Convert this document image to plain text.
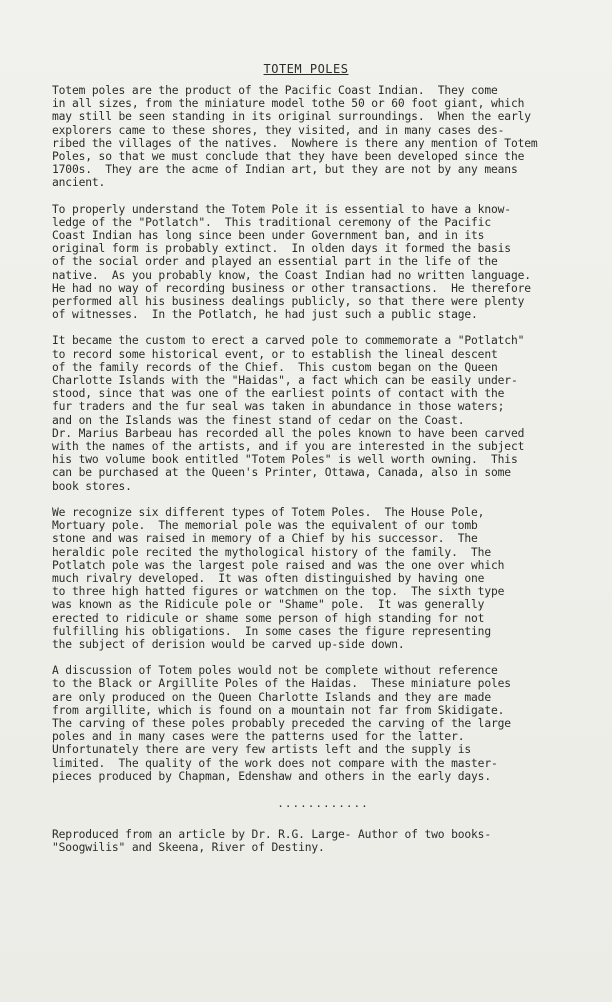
TOTEM POLES
Totem poles are the product of the Pacific Coast Indian.  They come
in all sizes, from the miniature model tothe 50 or 60 foot giant, which
may still be seen standing in its original surroundings.  When the early
explorers came to these shores, they visited, and in many cases des-
ribed the villages of the natives.  Nowhere is there any mention of Totem
Poles, so that we must conclude that they have been developed since the
1700s.  They are the acme of Indian art, but they are not by any means
ancient.
To properly understand the Totem Pole it is essential to have a know-
ledge of the "Potlatch".  This traditional ceremony of the Pacific
Coast Indian has long since been under Government ban, and in its
original form is probably extinct.  In olden days it formed the basis
of the social order and played an essential part in the life of the
native.  As you probably know, the Coast Indian had no written language.
He had no way of recording business or other transactions.  He therefore
performed all his business dealings publicly, so that there were plenty
of witnesses.  In the Potlatch, he had just such a public stage.
It became the custom to erect a carved pole to commemorate a "Potlatch"
to record some historical event, or to establish the lineal descent
of the family records of the Chief.  This custom began on the Queen
Charlotte Islands with the "Haidas", a fact which can be easily under-
stood, since that was one of the earliest points of contact with the
fur traders and the fur seal was taken in abundance in those waters;
and on the Islands was the finest stand of cedar on the Coast.
Dr. Marius Barbeau has recorded all the poles known to have been carved
with the names of the artists, and if you are interested in the subject
his two volume book entitled "Totem Poles" is well worth owning.  This
can be purchased at the Queen's Printer, Ottawa, Canada, also in some
book stores.
We recognize six different types of Totem Poles.  The House Pole,
Mortuary pole.  The memorial pole was the equivalent of our tomb
stone and was raised in memory of a Chief by his successor.  The
heraldic pole recited the mythological history of the family.  The
Potlatch pole was the largest pole raised and was the one over which
much rivalry developed.  It was often distinguished by having one
to three high hatted figures or watchmen on the top.  The sixth type
was known as the Ridicule pole or "Shame" pole.  It was generally
erected to ridicule or shame some person of high standing for not
fulfilling his obligations.  In some cases the figure representing
the subject of derision would be carved up-side down.
A discussion of Totem poles would not be complete without reference
to the Black or Argillite Poles of the Haidas.  These miniature poles
are only produced on the Queen Charlotte Islands and they are made
from argillite, which is found on a mountain not far from Skidigate.
The carving of these poles probably preceded the carving of the large
poles and in many cases were the patterns used for the latter.
Unfortunately there are very few artists left and the supply is
limited.  The quality of the work does not compare with the master-
pieces produced by Chapman, Edenshaw and others in the early days.
............
Reproduced from an article by Dr. R.G. Large- Author of two books-
"Soogwilis" and Skeena, River of Destiny.
